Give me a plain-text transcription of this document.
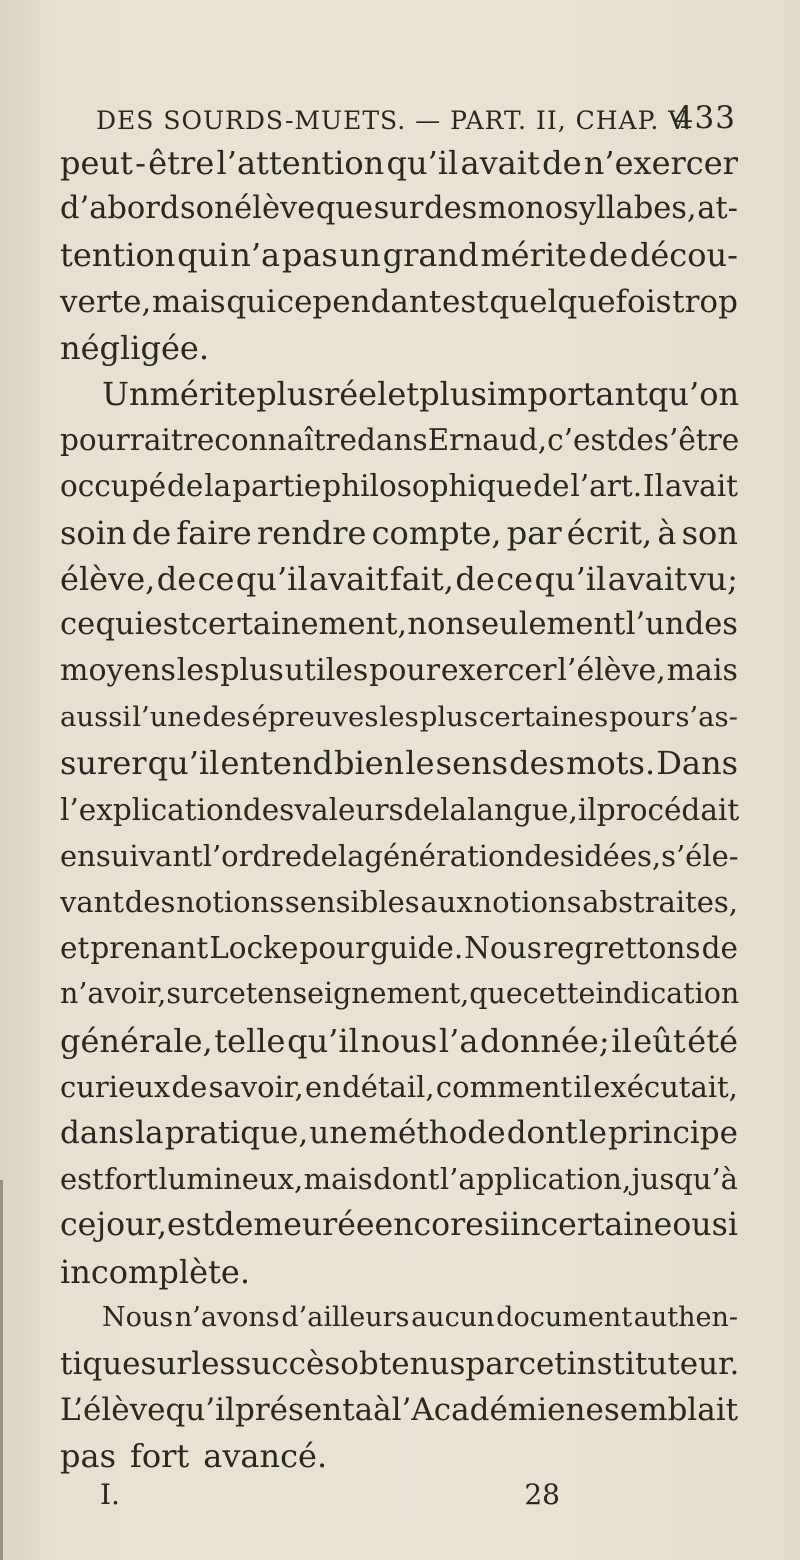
DES SOURDS-MUETS. — PART. II, CHAP. V.
433
peut - être l’attention qu’il avait de n’exercer
d’abord son élève que sur des monosyllabes, at-
tention qui n’a pas un grand mérite de décou-
verte, mais qui cependant est quelquefois trop
négligée.
Un mérite plus réel et plus important qu’on
pourrait reconnaître dans Ernaud, c’est de s’être
occupé de la partie philosophique de l’art. Il avait
soin de faire rendre compte, par écrit, à son
élève, de ce qu’il avait fait, de ce qu’il avait vu;
ce qui est certainement, non seulement l’un des
moyens les plus utiles pour exercer l’élève, mais
aussi l’une des épreuves les plus certaines pour s’as-
surer qu’il entend bien le sens des mots. Dans
l’explication des valeurs de la langue, il procédait
en suivant l’ordre de la génération des idées, s’éle-
vant des notions sensibles aux notions abstraites,
et prenant Locke pour guide. Nous regrettons de
n’avoir, sur cet enseignement, que cette indication
générale, telle qu’il nous l’a donnée; il eût été
curieux de savoir, en détail, comment il exécutait,
dans la pratique, une méthode dont le principe
est fort lumineux, mais dont l’application, jusqu’à
ce jour, est demeurée encore si incertaine ou si
incomplète.
Nous n’avons d’ailleurs aucun document authen-
tique sur les succès obtenus par cet instituteur.
L’élève qu’il présenta à l’Académie ne semblait
pas fort avancé.
I.	28
